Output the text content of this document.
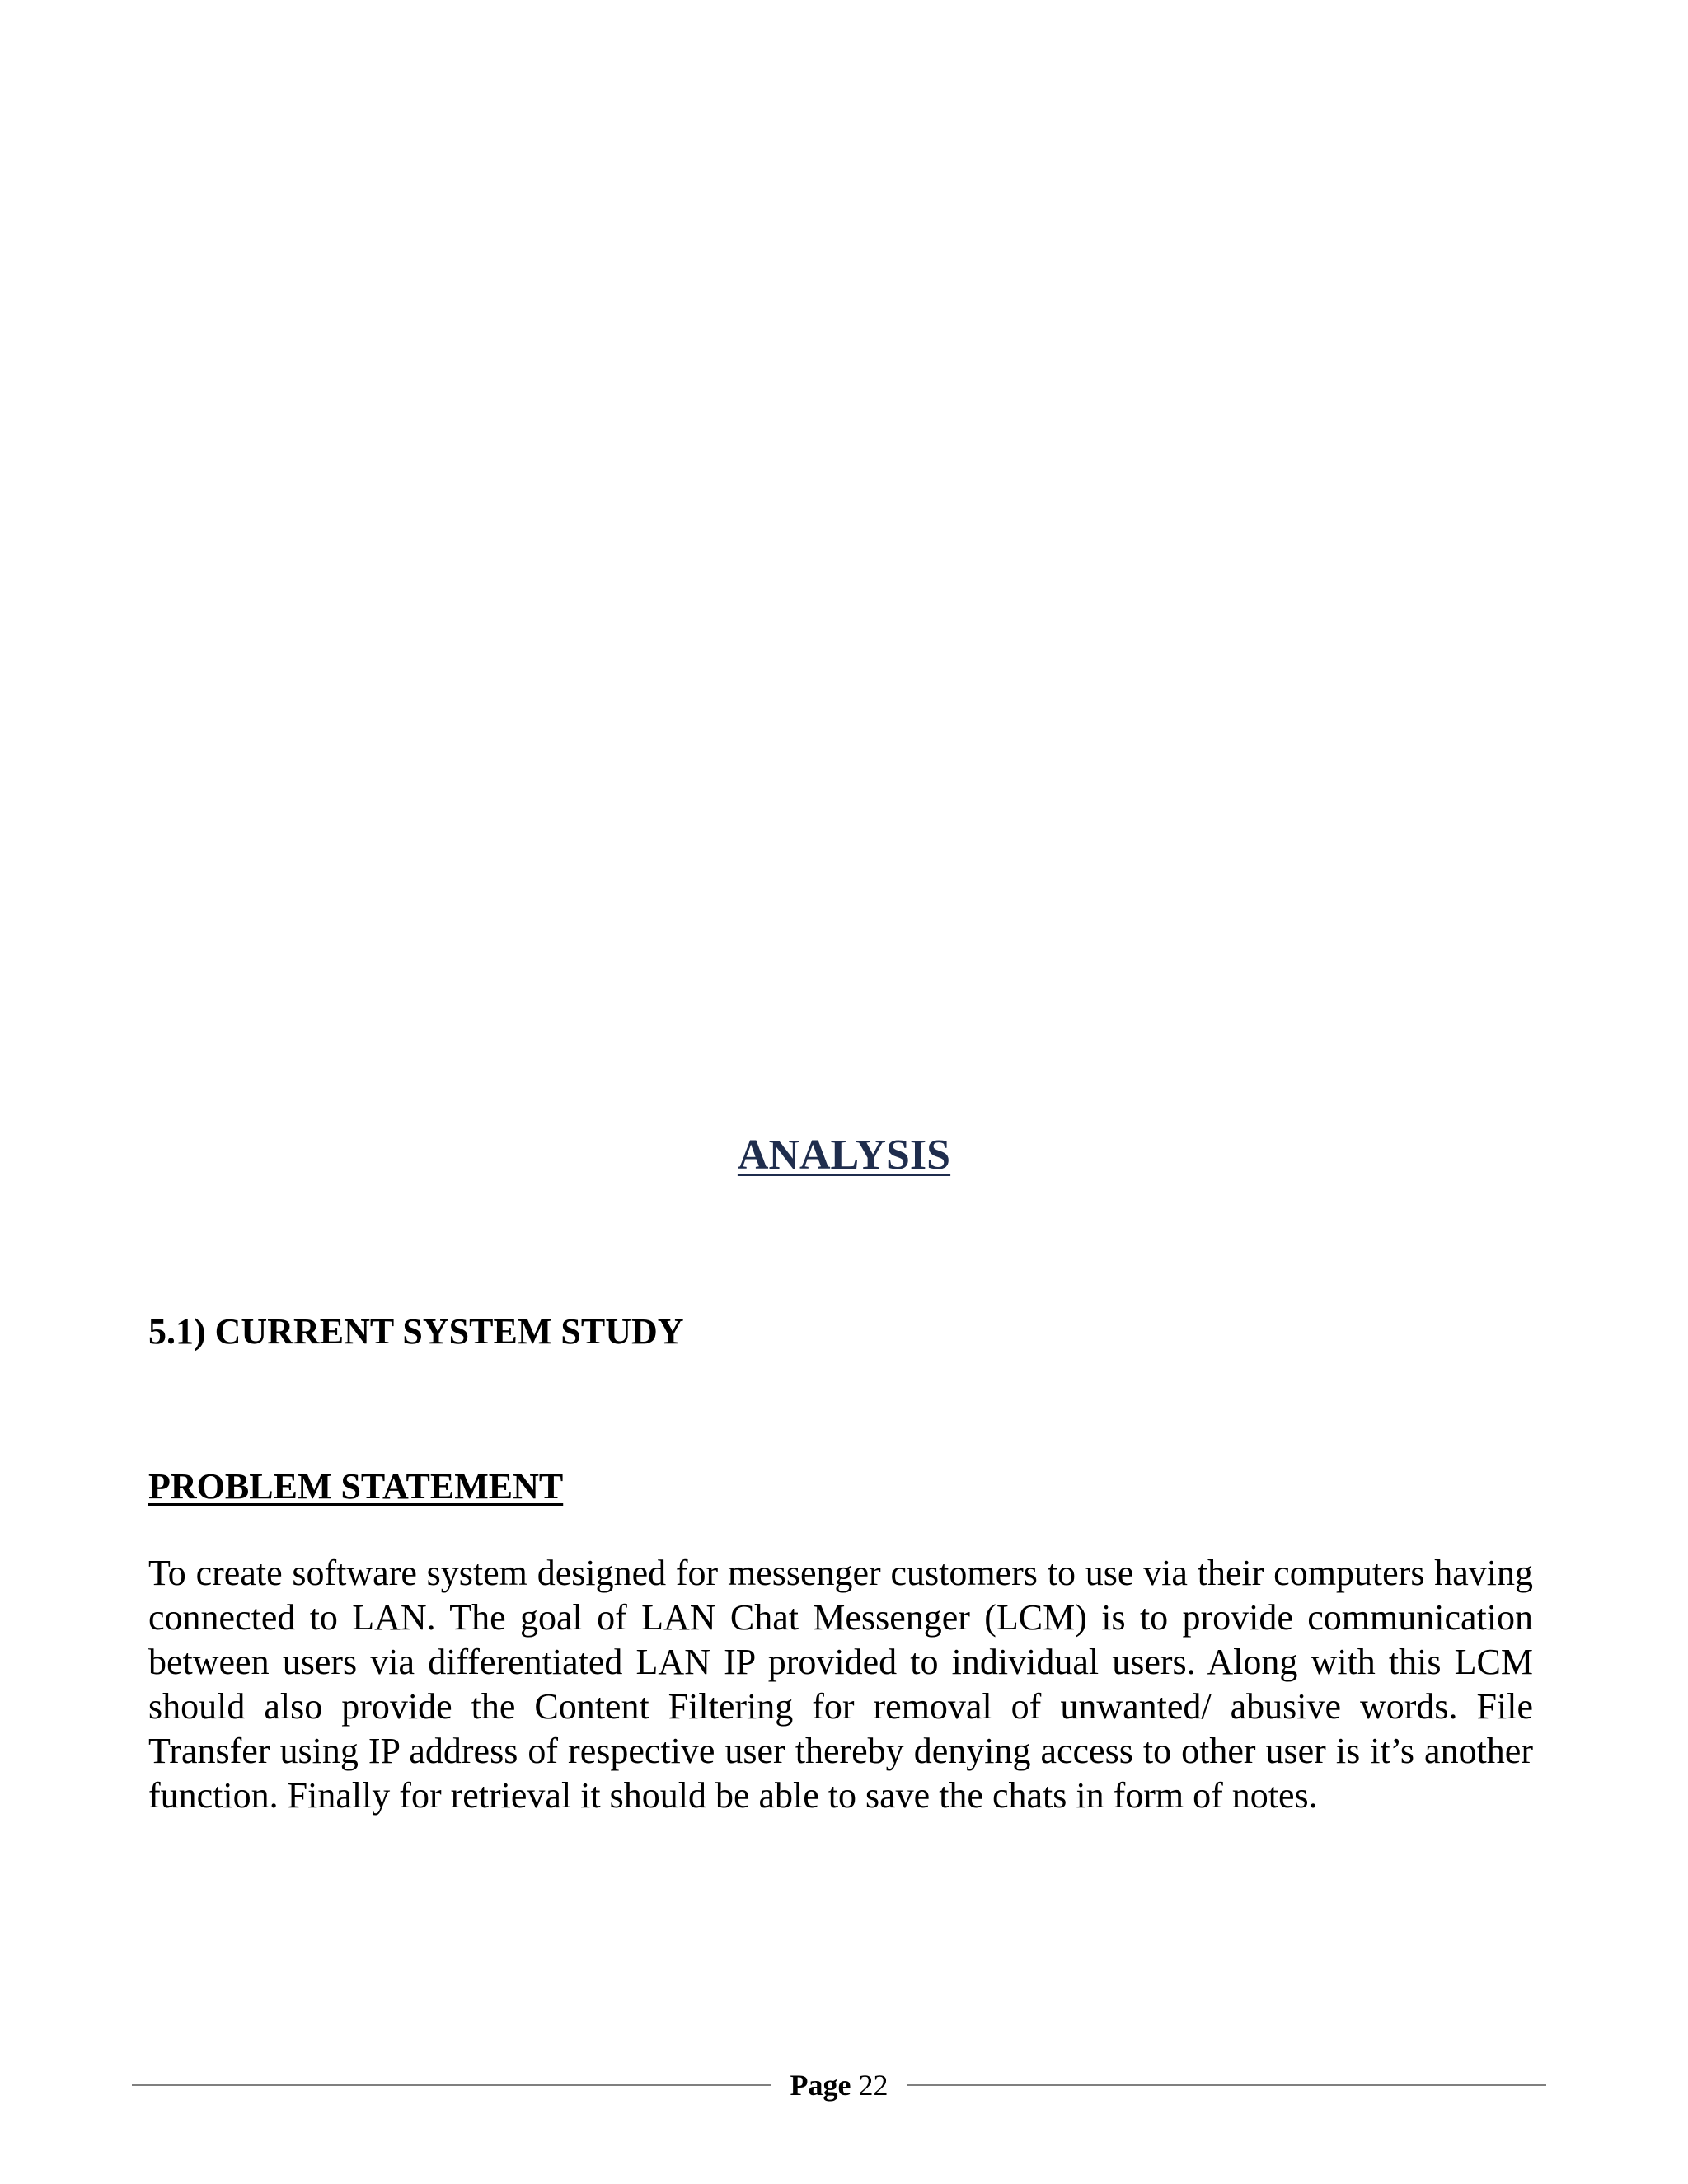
ANALYSIS
5.1) CURRENT SYSTEM STUDY
PROBLEM STATEMENT

To create software system designed for messenger customers to use via their computers having connected to LAN. The goal of LAN Chat Messenger (LCM) is to provide communication between users via differentiated LAN IP provided to individual users. Along with this LCM should also provide the Content Filtering for removal of unwanted/ abusive words. File Transfer using IP address of respective user thereby denying access to other user is it’s another function. Finally for retrieval it should be able to save the chats in form of notes.

Page 22
